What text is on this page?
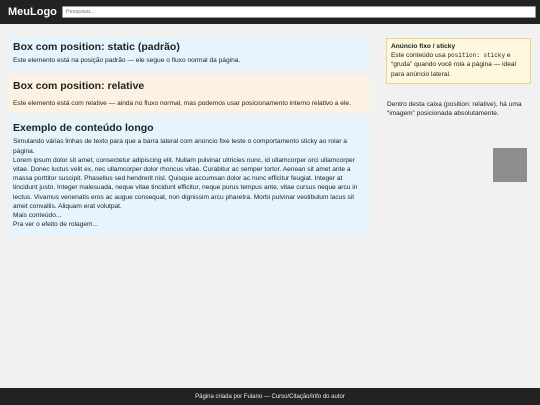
MeuLogo
Pesquisar...
Box com position: static (padrão)

Este elemento está na posição padrão — ele segue o fluxo normal da página.

Box com position: relative

Este elemento está com relative — ainda no fluxo normal, mas podemos usar posicionamento interno relativo a ele.

Exemplo de conteúdo longo

Simulando várias linhas de texto para que a barra lateral com anúncio fixe teste o comportamento sticky ao rolar a página.

Lorem ipsum dolor sit amet, consectetur adipiscing elit. Nullam pulvinar ultricies nunc, id ullamcorper orci ullamcorper vitae. Donec luctus velit ex, nec ullamcorper dolor rhoncus vitae. Curabitur ac semper tortor. Aenean sit amet ante a massa porttitor suscipit. Phasellus sed hendrerit nisl. Quisque accumsan dolor ac nunc efficitur feugiat. Integer at tincidunt justo. Integer malesuada, neque vitae tincidunt efficitur, neque purus tempus ante, vitae cursus neque arcu in lectus. Vivamus venenatis eros ac augue consequat, non dignissim arcu pharetra. Morbi pulvinar vestibulum lacus sit amet convallis. Aliquam erat volutpat.

Mais conteúdo...

Pra ver o efeito de rolagem...

Anúncio fixo / sticky
Este conteúdo usa position: sticky e “gruda” quando você rola a página — ideal para anúncio lateral.
Dentro desta caixa (position: relative), há uma “imagem” posicionada absolutamente.
Página criada por Fulano — Curso/Citação/Info do autor
